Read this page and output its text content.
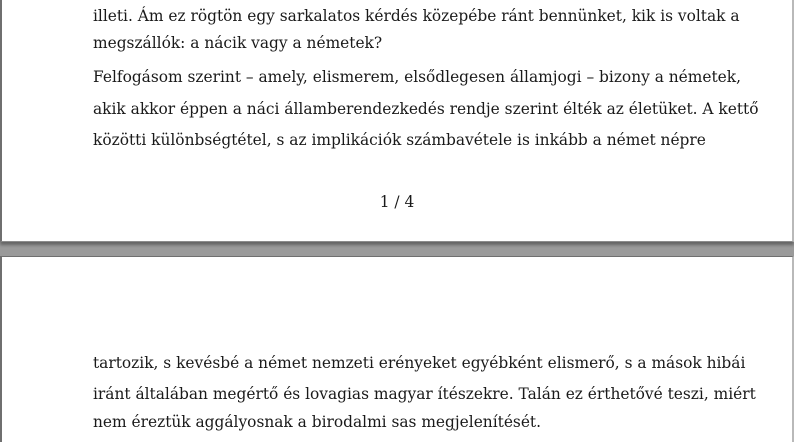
illeti. Ám ez rögtön egy sarkalatos kérdés közepébe ránt bennünket, kik is voltak a
megszállók: a nácik vagy a németek?
Felfogásom szerint – amely, elismerem, elsődlegesen államjogi – bizony a németek,
akik akkor éppen a náci államberendezkedés rendje szerint élték az életüket. A kettő
közötti különbségtétel, s az implikációk számbavétele is inkább a német népre
1 / 4
tartozik, s kevésbé a német nemzeti erényeket egyébként elismerő, s a mások hibái
iránt általában megértő és lovagias magyar ítészekre. Talán ez érthetővé teszi, miért
nem éreztük aggályosnak a birodalmi sas megjelenítését.
